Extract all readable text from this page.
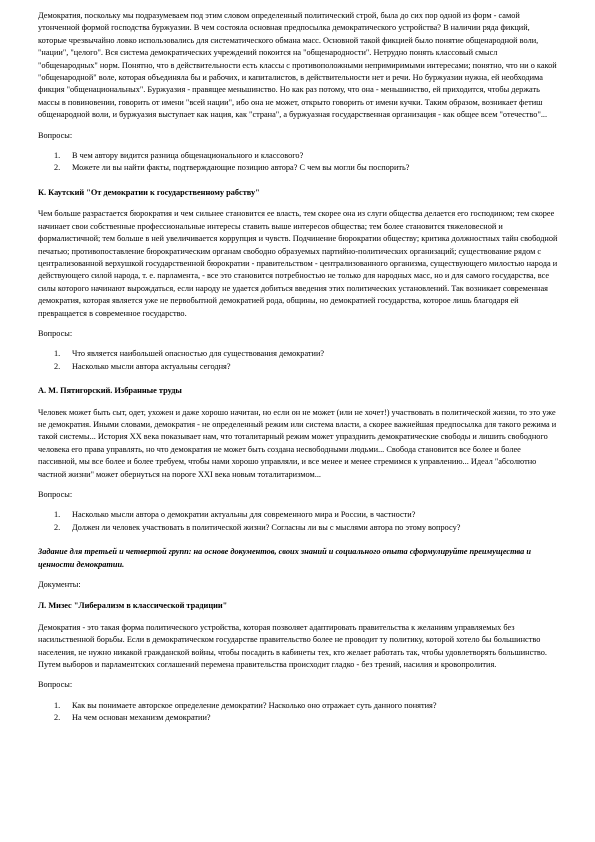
Демократия, поскольку мы подразумеваем под этим словом определенный политический строй, была до сих пор одной из форм - самой утонченной формой господства буржуазии. В чем состояла основная предпосылка демократического устройства? В наличии ряда фикций, которые чрезвычайно ловко использовались для систематического обмана масс. Основной такой фикцией было понятие общенародной воли, "нации", "целого". Вся система демократических учреждений покоится на "общенародности". Нетрудно понять классовый смысл "общенародных" норм. Понятно, что в действительности есть классы с противоположными непримиримыми интересами; понятно, что ни о какой "общенародной" воле, которая объединяла бы и рабочих, и капиталистов, в действительности нет и речи. Но буржуазии нужна, ей необходима фикция "общенациональных". Буржуазия - правящее меньшинство. Но как раз потому, что она - меньшинство, ей приходится, чтобы держать массы в повиновении, говорить от имени "всей нации", ибо она не может, открыто говорить от имени кучки. Таким образом, возникает фетиш общенародной воли, и буржуазия выступает как нация, как "страна", а буржуазная государственная организация - как общее всем "отечество"...

Вопросы:

1. В чем автору видится разница общенационального и классового?
2. Можете ли вы найти факты, подтверждающие позицию автора? С чем вы могли бы поспорить?

К. Каутский "От демократии к государственному рабству"

Чем больше разрастается бюрократия и чем сильнее становится ее власть, тем скорее она из слуги общества делается его господином; тем скорее начинает свои собственные профессиональные интересы ставить выше интересов общества; тем более становится тяжеловесной и формалистичной; тем больше в ней увеличивается коррупция и чувств. Подчинение бюрократии обществу; критика должностных тайн свободной печатью; противопоставление бюрократическим органам свободно образуемых партийно-политических организаций; существование рядом с централизованной верхушкой государственной бюрократии - правительством - централизованного организма, существующего милостью народа и действующего силой народа, т. е. парламента, - все это становится потребностью не только для народных масс, но и для самого государства, все силы которого начинают вырождаться, если народу не удается добиться введения этих политических установлений. Так возникает современная демократия, которая является уже не первобытной демократией рода, общины, но демократией государства, которое лишь благодаря ей превращается в современное государство.

Вопросы:

1. Что является наибольшей опасностью для существования демократии?
2. Насколько мысли автора актуальны сегодня?

А. М. Пятигорский. Избранные труды

Человек может быть сыт, одет, ухожен и даже хорошо начитан, но если он не может (или не хочет!) участвовать в политической жизни, то это уже не демократия. Иными словами, демократия - не определенный режим или система власти, а скорее важнейшая предпосылка для такого режима и такой системы... История XX века показывает нам, что тоталитарный режим может упразднить демократические свободы и лишить свободного человека его права управлять, но что демократия не может быть создана несвободными людьми... Свобода становится все более и более пассивной, мы все более и более требуем, чтобы нами хорошо управляли, и все менее и менее стремимся к управлению... Идеал "абсолютно частной жизни" может обернуться на пороге XXI века новым тоталитаризмом...

Вопросы:

1. Насколько мысли автора о демократии актуальны для современного мира и России, в частности?
2. Должен ли человек участвовать в политической жизни? Согласны ли вы с мыслями автора по этому вопросу?

Задание для третьей и четвертой групп: на основе документов, своих знаний и социального опыта сформулируйте преимущества и ценности демократии.

Документы:

Л. Мизес "Либерализм в классической традиции"

Демократия - это такая форма политического устройства, которая позволяет адаптировать правительства к желаниям управляемых без насильственной борьбы. Если в демократическом государстве правительство более не проводит ту политику, которой хотело бы большинство населения, не нужно никакой гражданской войны, чтобы посадить в кабинеты тех, кто желает работать так, чтобы удовлетворять большинство. Путем выборов и парламентских соглашений перемена правительства происходит гладко - без трений, насилия и кровопролития.

Вопросы:

1. Как вы понимаете авторское определение демократии? Насколько оно отражает суть данного понятия?
2. На чем основан механизм демократии?
